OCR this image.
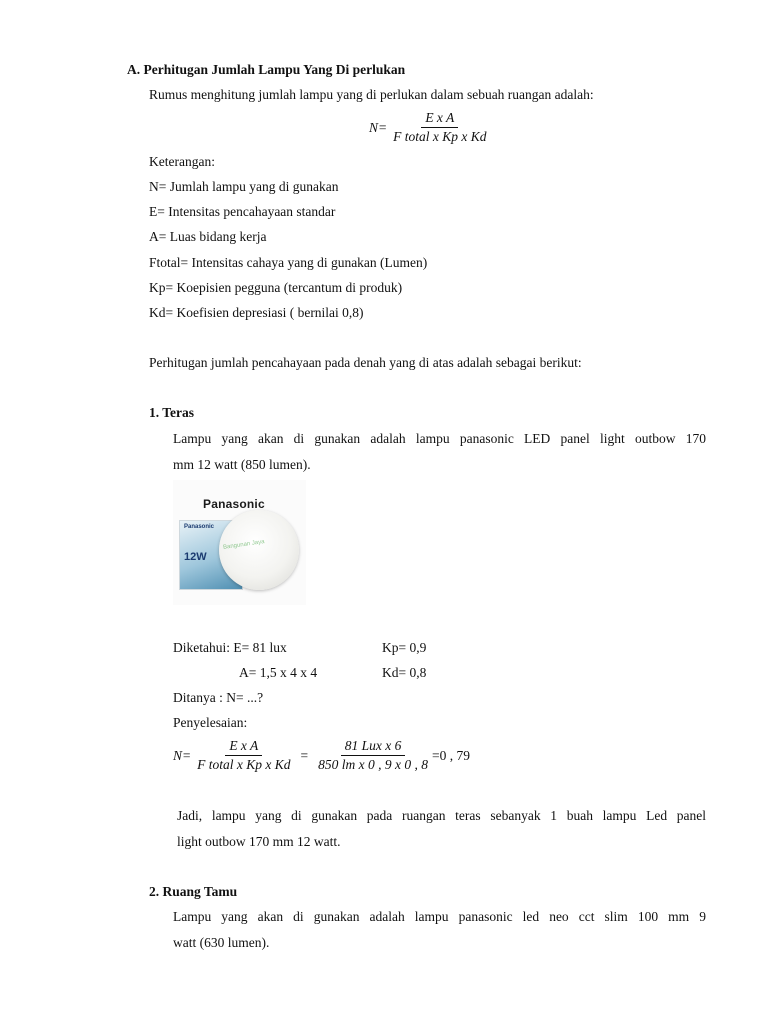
A. Perhitugan Jumlah Lampu Yang Di perlukan
Rumus menghitung jumlah lampu yang di perlukan dalam sebuah ruangan adalah:
$N= \frac{\text{E x A}}{\text{F total x Kp x Kd}}$
Keterangan:
N= Jumlah lampu yang di gunakan
E= Intensitas pencahayaan standar
A= Luas bidang kerja
Ftotal= Intensitas cahaya yang di gunakan (Lumen)
Kp= Koepisien pegguna (tercantum di produk)
Kd= Koefisien depresiasi ( bernilai 0,8)
Perhitugan jumlah pencahayaan pada denah yang di atas adalah sebagai berikut:
1. Teras
Lampu yang akan di gunakan adalah lampu panasonic LED panel light outbow 170
mm 12 watt (850 lumen).
Panasonic
Panasonic
12W
Bangunan Jaya
Diketahui: E= 81 lux	Kp= 0,9
A= 1,5 x 4 x 4	Kd= 0,8
Ditanya : N= ...?
Penyelesaian:
$N= \frac{\text{E x A}}{\text{F total x Kp x Kd}} = \frac{\text{81 Lux x 6}}{\text{850 lm x 0 , 9 x 0 , 8}} =0$ , 79
Jadi, lampu yang di gunakan pada ruangan teras sebanyak 1 buah lampu Led panel
light outbow 170 mm 12 watt.
2. Ruang Tamu
Lampu yang akan di gunakan adalah lampu panasonic led neo cct slim 100 mm 9
watt (630 lumen).
